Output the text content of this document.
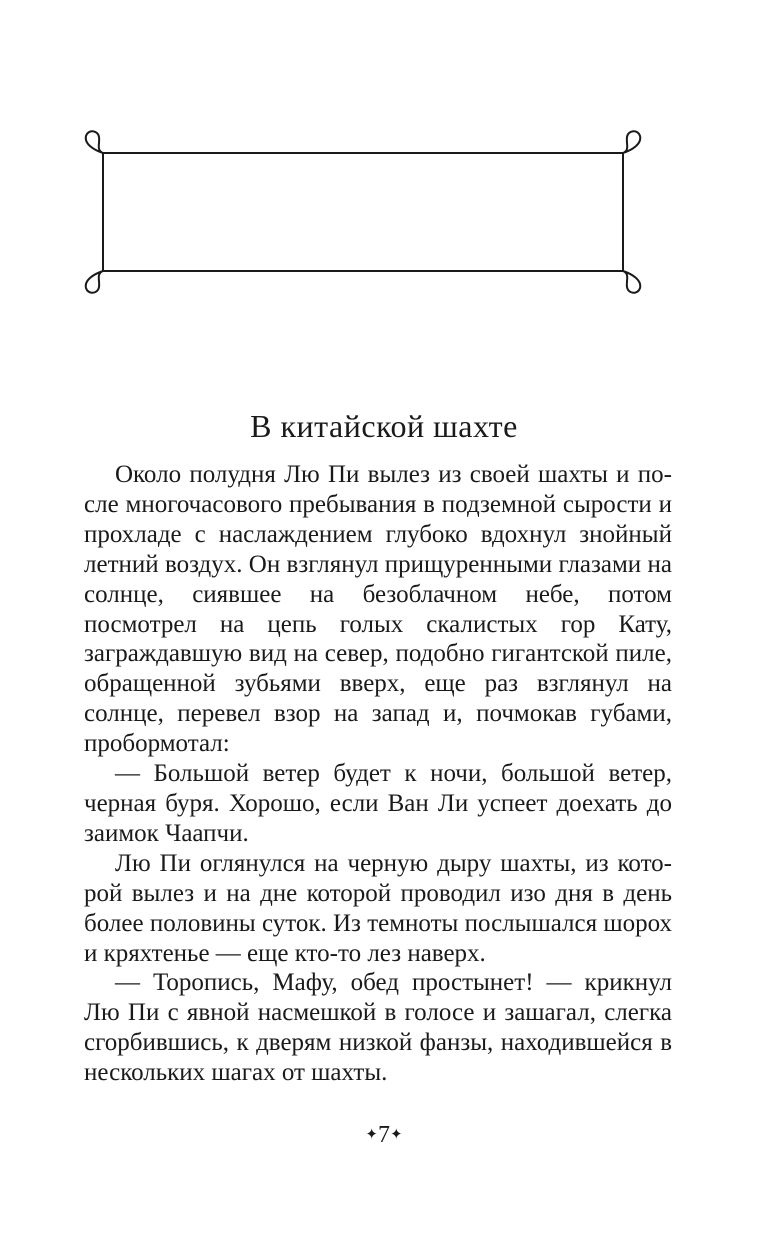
В китайской шахте

Около полудня Лю Пи вылез из своей шахты и после многочасового пребывания в подземной сырости и прохладе с наслаждением глубоко вдохнул знойный летний воздух. Он взглянул прищуренными глазами на солнце, сиявшее на безоблачном небе, потом посмотрел на цепь голых скалистых гор Кату, заграждавшую вид на север, подобно гигантской пиле, обращенной зубьями вверх, еще раз взглянул на солнце, перевел взор на запад и, почмокав губами, пробормотал:

— Большой ветер будет к ночи, большой ветер, черная буря. Хорошо, если Ван Ли успеет доехать до заимок Чаапчи.

Лю Пи оглянулся на черную дыру шахты, из которой вылез и на дне которой проводил изо дня в день более половины суток. Из темноты послышался шорох и кряхтенье — еще кто-то лез наверх.

— Торопись, Мафу, обед простынет! — крикнул Лю Пи с явной насмешкой в голосе и зашагал, слегка сгорбившись, к дверям низкой фанзы, находившейся в нескольких шагах от шахты.

✦7✦
